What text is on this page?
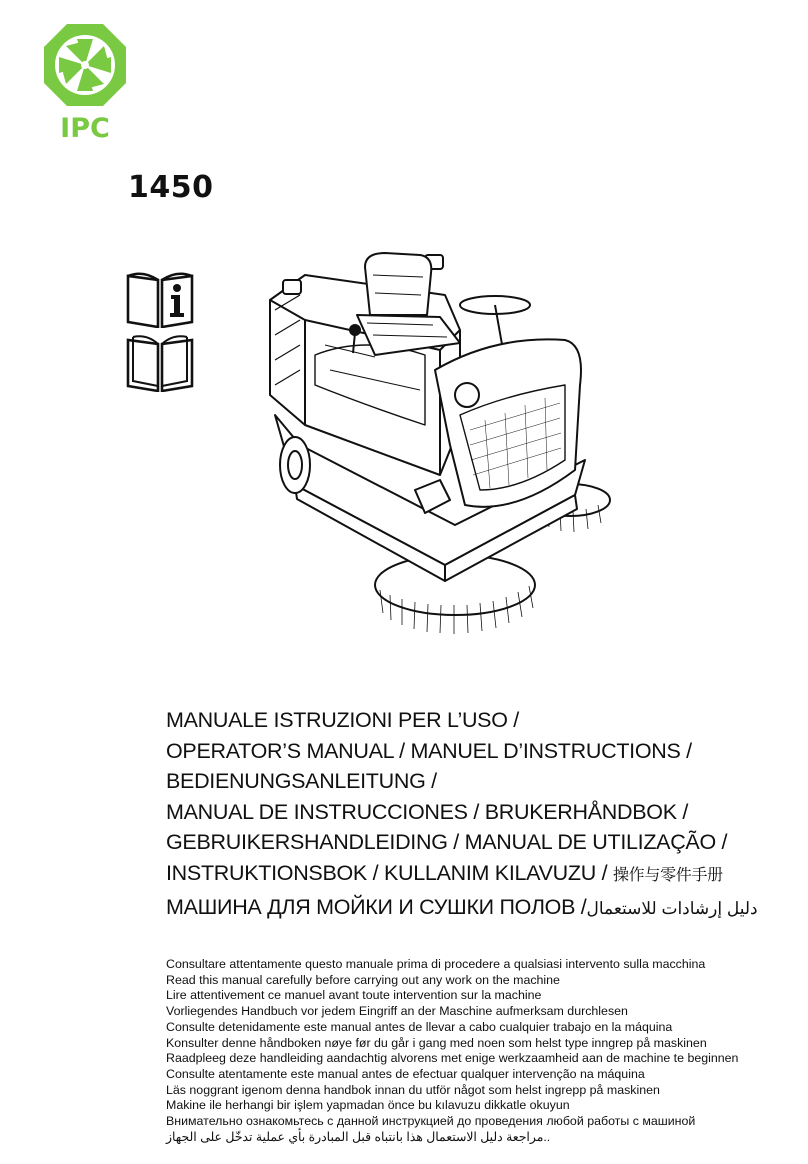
IPC
1450
MANUALE ISTRUZIONI PER L’USO /
OPERATOR’S MANUAL / MANUEL D’INSTRUCTIONS /
BEDIENUNGSANLEITUNG /
MANUAL DE INSTRUCCIONES / BRUKERHÅNDBOK /
GEBRUIKERSHANDLEIDING / MANUAL DE UTILIZAÇÃO /
INSTRUKTIONSBOK / KULLANIM KILAVUZU / 操作与零件手册
МАШИНА ДЛЯ МОЙКИ И СУШКИ ПОЛОВ /دليل إرشادات للاستعمال
Consultare attentamente questo manuale prima di procedere a qualsiasi intervento sulla macchina
Read this manual carefully before carrying out any work on the machine
Lire attentivement ce manuel avant toute intervention sur la machine
Vorliegendes Handbuch vor jedem Eingriff an der Maschine aufmerksam durchlesen
Consulte detenidamente este manual antes de llevar a cabo cualquier trabajo en la máquina
Konsulter denne håndboken nøye før du går i gang med noen som helst type inngrep på maskinen
Raadpleeg deze handleiding aandachtig alvorens met enige werkzaamheid aan de machine te beginnen
Consulte atentamente este manual antes de efectuar qualquer intervenção na máquina
Läs noggrant igenom denna handbok innan du utför något som helst ingrepp på maskinen
Makine ile herhangi bir işlem yapmadan önce bu kılavuzu dikkatle okuyun
Внимательно ознакомьтесь с данной инструкцией до проведения любой работы с машиной
..مراجعة دليل الاستعمال هذا بانتباه قبل المبادرة بأي عملية تدخّل على الجهاز
